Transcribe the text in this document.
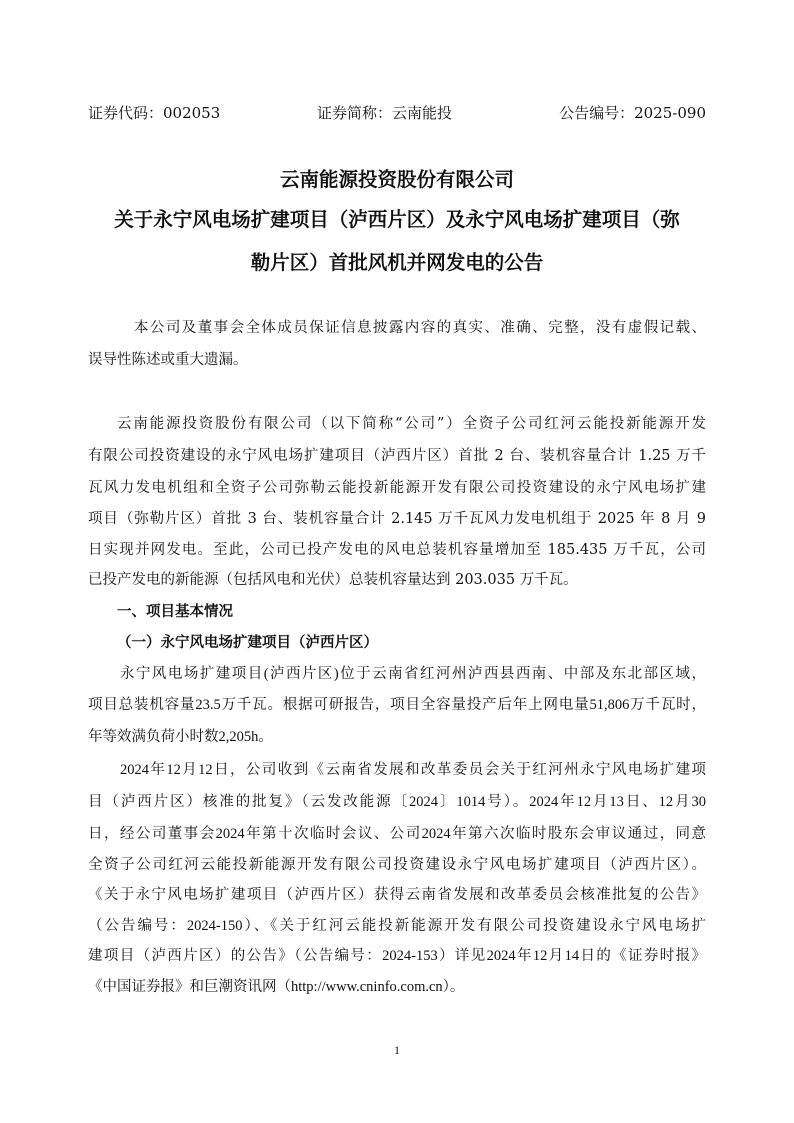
证券代码：002053	证券简称：云南能投	公告编号：2025-090
云南能源投资股份有限公司
关于永宁风电场扩建项目（泸西片区）及永宁风电场扩建项目（弥
勒片区）首批风机并网发电的公告
本公司及董事会全体成员保证信息披露内容的真实、准确、完整，没有虚假记载、
误导性陈述或重大遗漏。
云南能源投资股份有限公司（以下简称“公司”）全资子公司红河云能投新能源开发
有限公司投资建设的永宁风电场扩建项目（泸西片区）首批 2 台、装机容量合计 1.25 万千
瓦风力发电机组和全资子公司弥勒云能投新能源开发有限公司投资建设的永宁风电场扩建
项目（弥勒片区）首批 3 台、装机容量合计 2.145 万千瓦风力发电机组于 2025 年 8 月 9
日实现并网发电。至此，公司已投产发电的风电总装机容量增加至 185.435 万千瓦，公司
已投产发电的新能源（包括风电和光伏）总装机容量达到 203.035 万千瓦。
一、项目基本情况
（一）永宁风电场扩建项目（泸西片区）
永宁风电场扩建项目(泸西片区)位于云南省红河州泸西县西南、中部及东北部区域，
项目总装机容量23.5万千瓦。根据可研报告，项目全容量投产后年上网电量51,806万千瓦时，
年等效满负荷小时数2,205h。
2024年12月12日，公司收到《云南省发展和改革委员会关于红河州永宁风电场扩建项
目（泸西片区）核准的批复》（云发改能源〔2024〕1014号）。2024年12月13日、12月30
日，经公司董事会2024年第十次临时会议、公司2024年第六次临时股东会审议通过，同意
全资子公司红河云能投新能源开发有限公司投资建设永宁风电场扩建项目（泸西片区）。
《关于永宁风电场扩建项目（泸西片区）获得云南省发展和改革委员会核准批复的公告》
（公告编号：2024-150）、《关于红河云能投新能源开发有限公司投资建设永宁风电场扩
建项目（泸西片区）的公告》（公告编号：2024-153）详见2024年12月14日的《证券时报》
《中国证券报》和巨潮资讯网（http://www.cninfo.com.cn）。
1
